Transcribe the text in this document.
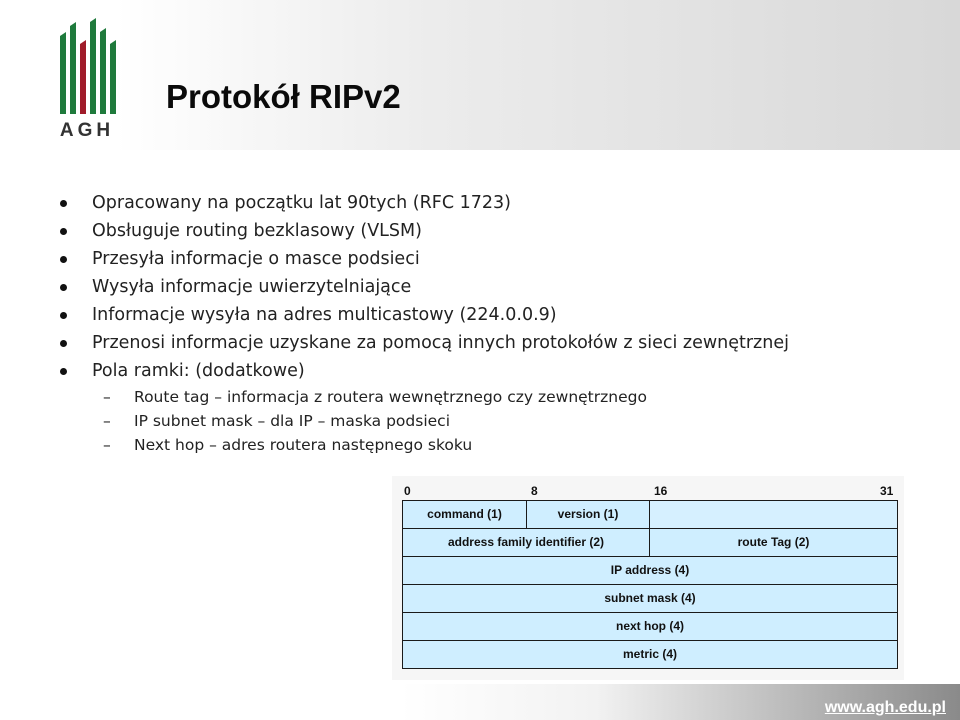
AGH
Protokół RIPv2
Opracowany na początku lat 90tych (RFC 1723)
Obsługuje routing bezklasowy (VLSM)
Przesyła informacje o masce podsieci
Wysyła informacje uwierzytelniające
Informacje wysyła na adres multicastowy (224.0.0.9)
Przenosi informacje uzyskane za pomocą innych protokołów z sieci zewnętrznej
Pola ramki: (dodatkowe)
– Route tag – informacja z routera wewnętrznego czy zewnętrznego
– IP subnet mask – dla IP – maska podsieci
– Next hop – adres routera następnego skoku
0	8	16	31
command (1)	version (1)
address family identifier (2)	route Tag (2)
IP address (4)
subnet mask (4)
next hop (4)
metric (4)
www.agh.edu.pl
